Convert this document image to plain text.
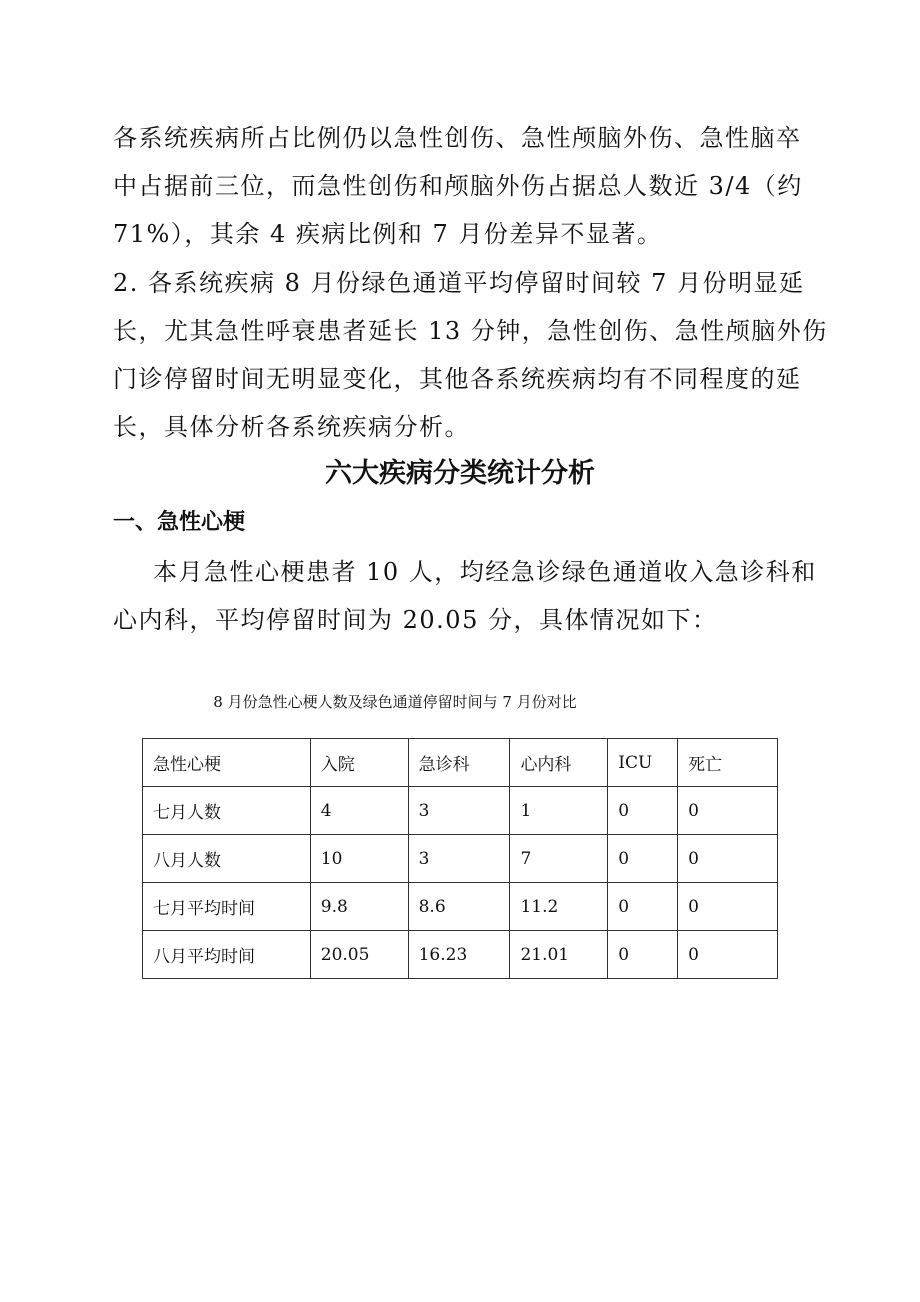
各系统疾病所占比例仍以急性创伤、急性颅脑外伤、急性脑卒
中占据前三位，而急性创伤和颅脑外伤占据总人数近 3/4（约
71%），其余 4 疾病比例和 7 月份差异不显著。

2. 各系统疾病 8 月份绿色通道平均停留时间较 7 月份明显延
长，尤其急性呼衰患者延长 13 分钟，急性创伤、急性颅脑外伤
门诊停留时间无明显变化，其他各系统疾病均有不同程度的延
长，具体分析各系统疾病分析。

六大疾病分类统计分析
一、急性心梗

本月急性心梗患者 10 人，均经急诊绿色通道收入急诊科和
心内科，平均停留时间为 20.05 分，具体情况如下：

8 月份急性心梗人数及绿色通道停留时间与 7 月份对比

急性心梗	入院	急诊科	心内科	ICU	死亡
七月人数	4	3	1	0	0
八月人数	10	3	7	0	0
七月平均时间	9.8	8.6	11.2	0	0
八月平均时间	20.05	16.23	21.01	0	0
